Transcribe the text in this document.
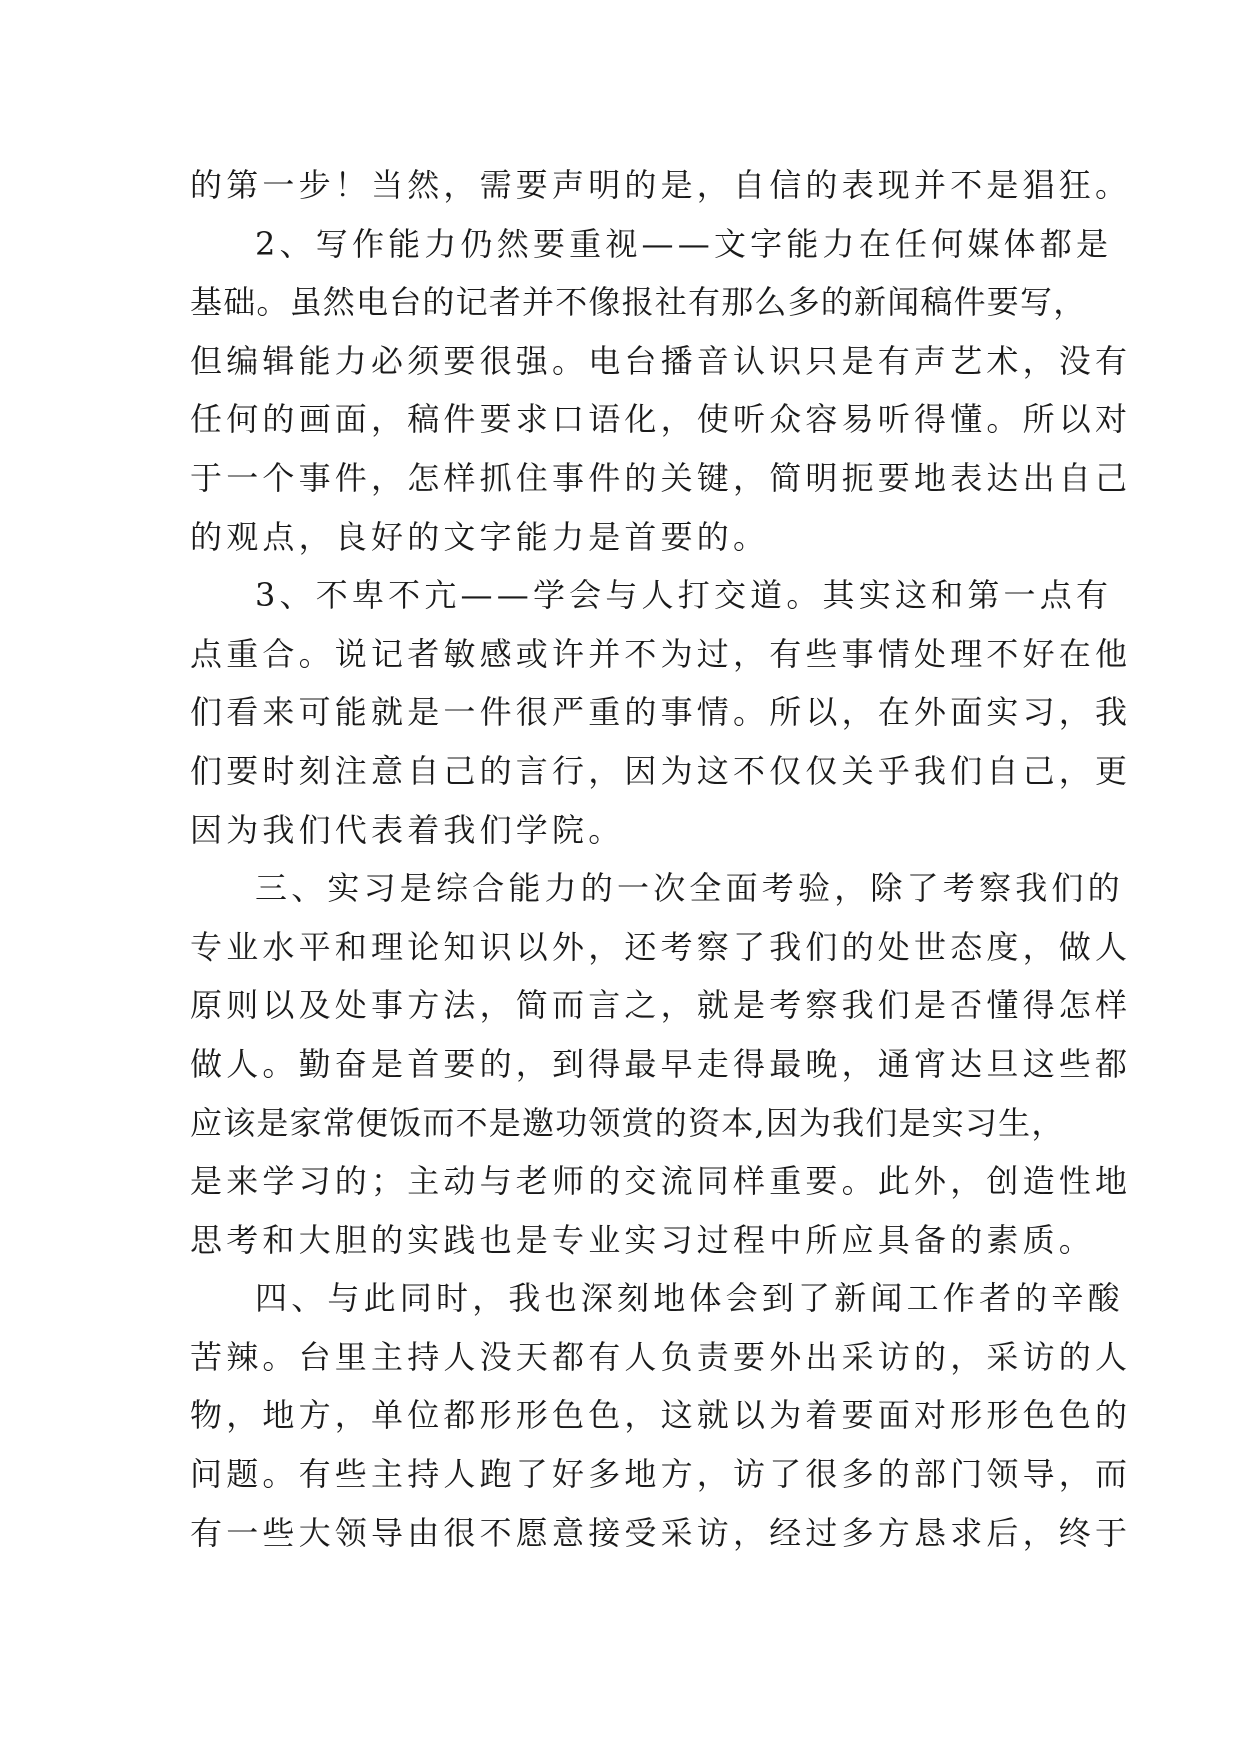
的第一步！当然，需要声明的是，自信的表现并不是猖狂。
2、写作能力仍然要重视——文字能力在任何媒体都是
基础。虽然电台的记者并不像报社有那么多的新闻稿件要写，
但编辑能力必须要很强。电台播音认识只是有声艺术，没有
任何的画面，稿件要求口语化，使听众容易听得懂。所以对
于一个事件，怎样抓住事件的关键，简明扼要地表达出自己
的观点，良好的文字能力是首要的。
3、不卑不亢——学会与人打交道。其实这和第一点有
点重合。说记者敏感或许并不为过，有些事情处理不好在他
们看来可能就是一件很严重的事情。所以，在外面实习，我
们要时刻注意自己的言行，因为这不仅仅关乎我们自己，更
因为我们代表着我们学院。
三、实习是综合能力的一次全面考验，除了考察我们的
专业水平和理论知识以外，还考察了我们的处世态度，做人
原则以及处事方法，简而言之，就是考察我们是否懂得怎样
做人。勤奋是首要的，到得最早走得最晚，通宵达旦这些都
应该是家常便饭而不是邀功领赏的资本,因为我们是实习生，
是来学习的；主动与老师的交流同样重要。此外，创造性地
思考和大胆的实践也是专业实习过程中所应具备的素质。
四、与此同时，我也深刻地体会到了新闻工作者的辛酸
苦辣。台里主持人没天都有人负责要外出采访的，采访的人
物，地方，单位都形形色色，这就以为着要面对形形色色的
问题。有些主持人跑了好多地方，访了很多的部门领导，而
有一些大领导由很不愿意接受采访，经过多方恳求后，终于
